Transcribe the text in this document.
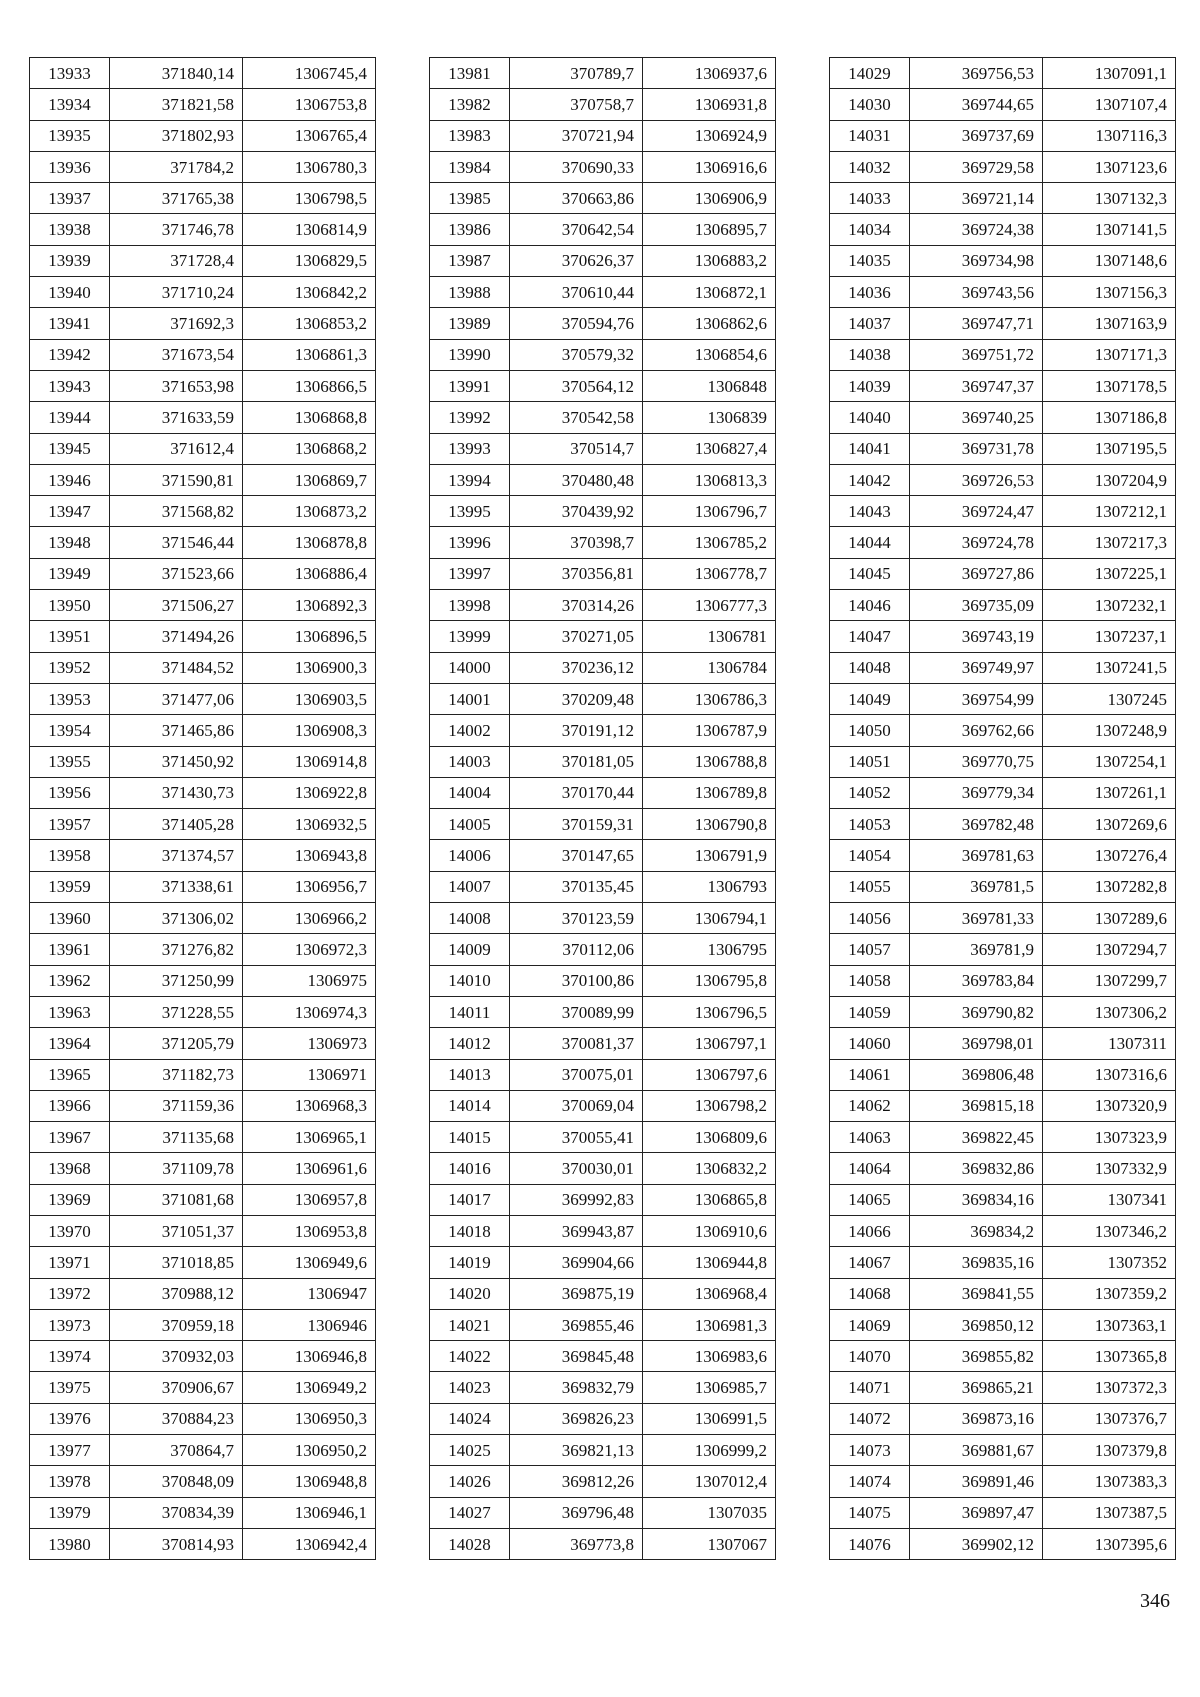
13933	371840,14	1306745,4
13934	371821,58	1306753,8
13935	371802,93	1306765,4
13936	371784,2	1306780,3
13937	371765,38	1306798,5
13938	371746,78	1306814,9
13939	371728,4	1306829,5
13940	371710,24	1306842,2
13941	371692,3	1306853,2
13942	371673,54	1306861,3
13943	371653,98	1306866,5
13944	371633,59	1306868,8
13945	371612,4	1306868,2
13946	371590,81	1306869,7
13947	371568,82	1306873,2
13948	371546,44	1306878,8
13949	371523,66	1306886,4
13950	371506,27	1306892,3
13951	371494,26	1306896,5
13952	371484,52	1306900,3
13953	371477,06	1306903,5
13954	371465,86	1306908,3
13955	371450,92	1306914,8
13956	371430,73	1306922,8
13957	371405,28	1306932,5
13958	371374,57	1306943,8
13959	371338,61	1306956,7
13960	371306,02	1306966,2
13961	371276,82	1306972,3
13962	371250,99	1306975
13963	371228,55	1306974,3
13964	371205,79	1306973
13965	371182,73	1306971
13966	371159,36	1306968,3
13967	371135,68	1306965,1
13968	371109,78	1306961,6
13969	371081,68	1306957,8
13970	371051,37	1306953,8
13971	371018,85	1306949,6
13972	370988,12	1306947
13973	370959,18	1306946
13974	370932,03	1306946,8
13975	370906,67	1306949,2
13976	370884,23	1306950,3
13977	370864,7	1306950,2
13978	370848,09	1306948,8
13979	370834,39	1306946,1
13980	370814,93	1306942,4
13981	370789,7	1306937,6
13982	370758,7	1306931,8
13983	370721,94	1306924,9
13984	370690,33	1306916,6
13985	370663,86	1306906,9
13986	370642,54	1306895,7
13987	370626,37	1306883,2
13988	370610,44	1306872,1
13989	370594,76	1306862,6
13990	370579,32	1306854,6
13991	370564,12	1306848
13992	370542,58	1306839
13993	370514,7	1306827,4
13994	370480,48	1306813,3
13995	370439,92	1306796,7
13996	370398,7	1306785,2
13997	370356,81	1306778,7
13998	370314,26	1306777,3
13999	370271,05	1306781
14000	370236,12	1306784
14001	370209,48	1306786,3
14002	370191,12	1306787,9
14003	370181,05	1306788,8
14004	370170,44	1306789,8
14005	370159,31	1306790,8
14006	370147,65	1306791,9
14007	370135,45	1306793
14008	370123,59	1306794,1
14009	370112,06	1306795
14010	370100,86	1306795,8
14011	370089,99	1306796,5
14012	370081,37	1306797,1
14013	370075,01	1306797,6
14014	370069,04	1306798,2
14015	370055,41	1306809,6
14016	370030,01	1306832,2
14017	369992,83	1306865,8
14018	369943,87	1306910,6
14019	369904,66	1306944,8
14020	369875,19	1306968,4
14021	369855,46	1306981,3
14022	369845,48	1306983,6
14023	369832,79	1306985,7
14024	369826,23	1306991,5
14025	369821,13	1306999,2
14026	369812,26	1307012,4
14027	369796,48	1307035
14028	369773,8	1307067
14029	369756,53	1307091,1
14030	369744,65	1307107,4
14031	369737,69	1307116,3
14032	369729,58	1307123,6
14033	369721,14	1307132,3
14034	369724,38	1307141,5
14035	369734,98	1307148,6
14036	369743,56	1307156,3
14037	369747,71	1307163,9
14038	369751,72	1307171,3
14039	369747,37	1307178,5
14040	369740,25	1307186,8
14041	369731,78	1307195,5
14042	369726,53	1307204,9
14043	369724,47	1307212,1
14044	369724,78	1307217,3
14045	369727,86	1307225,1
14046	369735,09	1307232,1
14047	369743,19	1307237,1
14048	369749,97	1307241,5
14049	369754,99	1307245
14050	369762,66	1307248,9
14051	369770,75	1307254,1
14052	369779,34	1307261,1
14053	369782,48	1307269,6
14054	369781,63	1307276,4
14055	369781,5	1307282,8
14056	369781,33	1307289,6
14057	369781,9	1307294,7
14058	369783,84	1307299,7
14059	369790,82	1307306,2
14060	369798,01	1307311
14061	369806,48	1307316,6
14062	369815,18	1307320,9
14063	369822,45	1307323,9
14064	369832,86	1307332,9
14065	369834,16	1307341
14066	369834,2	1307346,2
14067	369835,16	1307352
14068	369841,55	1307359,2
14069	369850,12	1307363,1
14070	369855,82	1307365,8
14071	369865,21	1307372,3
14072	369873,16	1307376,7
14073	369881,67	1307379,8
14074	369891,46	1307383,3
14075	369897,47	1307387,5
14076	369902,12	1307395,6
346
